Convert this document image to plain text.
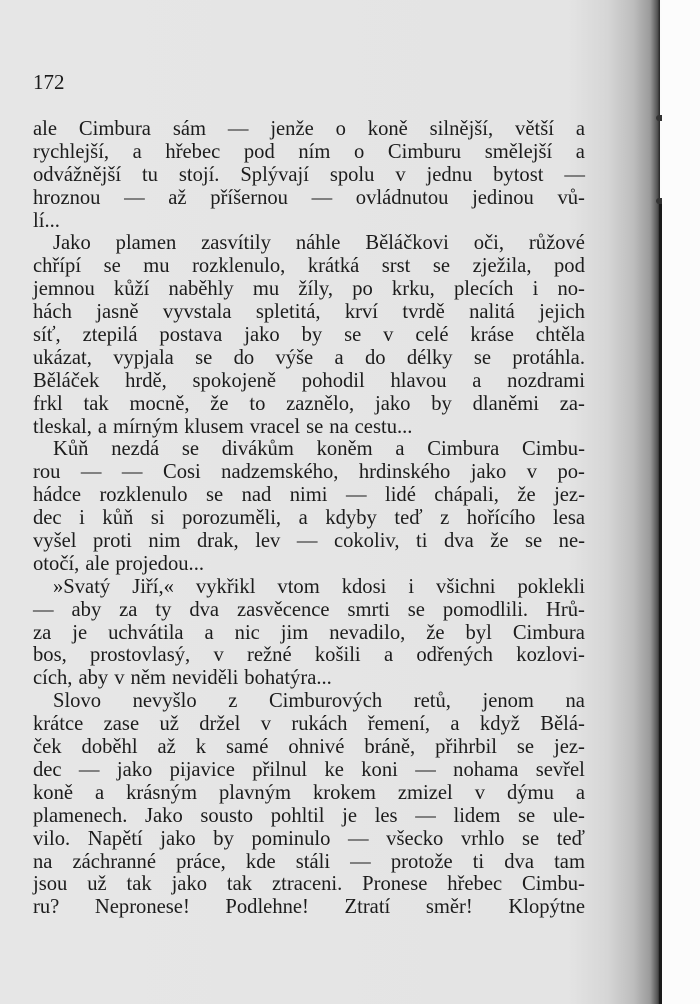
172
ale Cimbura sám — jenže o koně silnější, větší a
rychlejší, a hřebec pod ním o Cimburu smělejší a
odvážnější tu stojí. Splývají spolu v jednu bytost —
hroznou — až příšernou — ovládnutou jedinou vů-
lí...
Jako plamen zasvítily náhle Běláčkovi oči, růžové
chřípí se mu rozklenulo, krátká srst se zježila, pod
jemnou kůží naběhly mu žíly, po krku, plecích i no-
hách jasně vyvstala spletitá, krví tvrdě nalitá jejich
síť, ztepilá postava jako by se v celé kráse chtěla
ukázat, vypjala se do výše a do délky se protáhla.
Běláček hrdě, spokojeně pohodil hlavou a nozdrami
frkl tak mocně, že to zaznělo, jako by dlaněmi za-
tleskal, a mírným klusem vracel se na cestu...
Kůň nezdá se divákům koněm a Cimbura Cimbu-
rou — — Cosi nadzemského, hrdinského jako v po-
hádce rozklenulo se nad nimi — lidé chápali, že jez-
dec i kůň si porozuměli, a kdyby teď z hořícího lesa
vyšel proti nim drak, lev — cokoliv, ti dva že se ne-
otočí, ale projedou...
»Svatý Jiří,« vykřikl vtom kdosi i všichni poklekli
— aby za ty dva zasvěcence smrti se pomodlili. Hrů-
za je uchvátila a nic jim nevadilo, že byl Cimbura
bos, prostovlasý, v režné košili a odřených kozlovi-
cích, aby v něm neviděli bohatýra...
Slovo nevyšlo z Cimburových retů, jenom na
krátce zase už držel v rukách řemení, a když Bělá-
ček doběhl až k samé ohnivé bráně, přihrbil se jez-
dec — jako pijavice přilnul ke koni — nohama sevřel
koně a krásným plavným krokem zmizel v dýmu a
plamenech. Jako sousto pohltil je les — lidem se ule-
vilo. Napětí jako by pominulo — všecko vrhlo se teď
na záchranné práce, kde stáli — protože ti dva tam
jsou už tak jako tak ztraceni. Pronese hřebec Cimbu-
ru? Nepronese! Podlehne! Ztratí směr! Klopýtne
